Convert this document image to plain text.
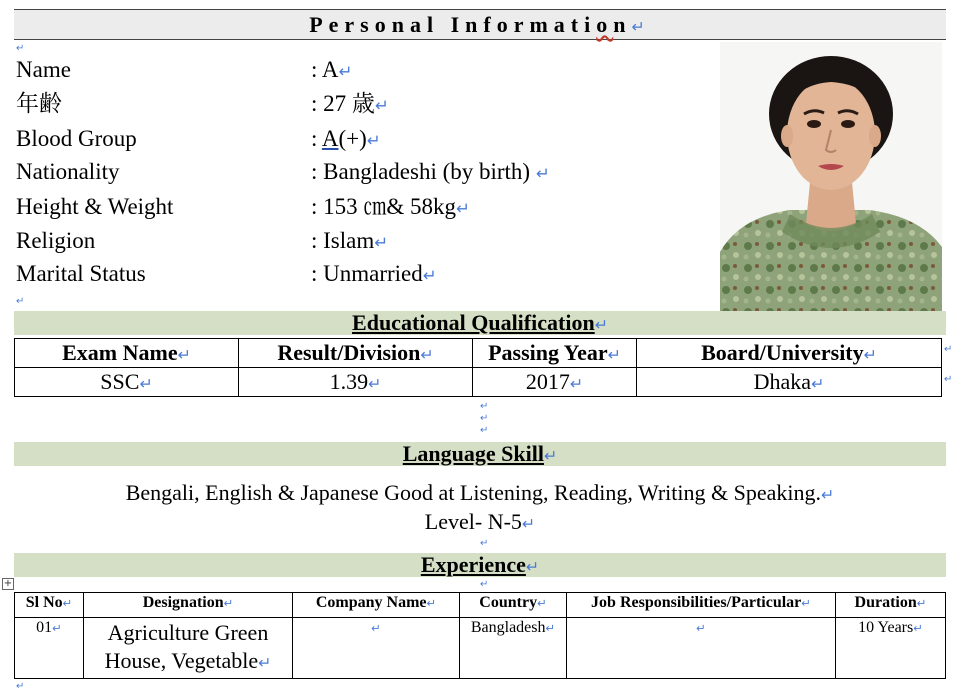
Personal Information↵
↵
Name	: A↵
年齢	: 27 歳↵
Blood Group	: A(+)↵
Nationality	: Bangladeshi (by birth) ↵
Height & Weight	: 153 ㎝& 58kg↵
Religion	: Islam↵
Marital Status	: Unmarried↵
↵
Educational Qualification↵
Exam Name↵	Result/Division↵	Passing Year↵	Board/University↵
SSC↵	1.39↵	2017↵	Dhaka↵
↵
↵
↵
↵
↵
Language Skill↵
Bengali, English & Japanese Good at Listening, Reading, Writing & Speaking.↵
Level- N-5↵
↵
Experience↵
↵
+
Sl No↵	Designation↵	Company Name↵	Country↵	Job Responsibilities/Particular↵	Duration↵
01↵	Agriculture Green House, Vegetable↵	↵	Bangladesh↵	↵	10 Years↵
↵
